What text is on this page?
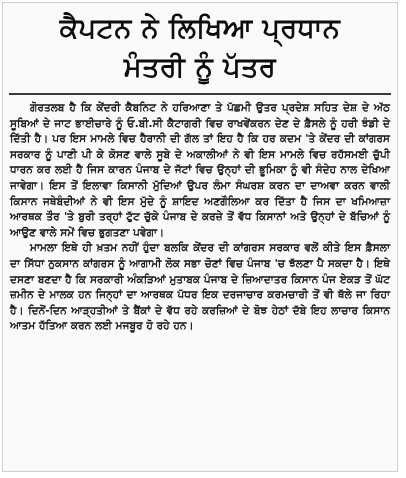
ਕੈਪਟਨ ਨੇ ਲਿਖਿਆ ਪ੍ਰਧਾਨ
ਮੰਤਰੀ ਨੂੰ ਪੱਤਰ

ਗੋਰਤਲਬ ਹੈ ਕਿ ਕੇਂਦਰੀ ਕੈਬਨਿਟ ਨੇ ਹਰਿਆਣਾ ਤੇ ਪੱਛਮੀ ਉਤਰ ਪ੍ਰਦੇਸ਼ ਸਹਿਤ ਦੇਸ਼ ਦੇ ਅੱਠ ਸੂਬਿਆਂ ਦੇ ਜਾਟ ਭਾਈਚਾਰੇ ਨੂੰ ਓ.ਬੀ.ਸੀ ਕੈਟਾਗਰੀ ਵਿਚ ਰਾਖਵੇਂਕਰਨ ਦੇਣ ਦੇ ਫ਼ੈਸਲੇ ਨੂੰ ਹਰੀ ਝੰਡੀ ਦੇ ਦਿੱਤੀ ਹੈ। ਪਰ ਇਸ ਮਾਮਲੇ ਵਿਚ ਹੈਰਾਨੀ ਦੀ ਗੱਲ ਤਾਂ ਇਹ ਹੈ ਕਿ ਹਰ ਕਦਮ 'ਤੇ ਕੇਂਦਰ ਦੀ ਕਾਂਗਰਸ ਸਰਕਾਰ ਨੂੰ ਪਾਣੀ ਪੀ ਕੇ ਕੋਸਣ ਵਾਲੇ ਸੂਬੇ ਦੇ ਅਕਾਲੀਆਂ ਨੇ ਵੀ ਇਸ ਮਾਮਲੇ ਵਿਚ ਰਹੱਸਮਈ ਚੁੱਪੀ ਧਾਰਨ ਕਰ ਲਈ ਹੈ ਜਿਸ ਕਾਰਨ ਪੰਜਾਬ ਦੇ ਜੱਟਾਂ ਵਿਚ ਉਨ੍ਹਾਂ ਦੀ ਭੂਮਿਕਾ ਨੂੰ ਵੀ ਸੰਦੇਹ ਨਾਲ ਦੇਖਿਆ ਜਾਵੇਗਾ। ਇਸ ਤੋਂ ਇਲਾਵਾ ਕਿਸਾਨੀ ਮੁੱਦਿਆਂ ਉਪਰ ਲੰਮਾ ਸੰਘਰਸ਼ ਕਰਨ ਦਾ ਦਾਅਵਾ ਕਰਨ ਵਾਲੀ ਕਿਸਾਨ ਜਥੇਬੰਦੀਆਂ ਨੇ ਵੀ ਇਸ ਮੁੱਦੇ ਨੂੰ ਸ਼ਾਇਦ ਅਣਗੌਲਿਆ ਕਰ ਦਿੱਤਾ ਹੈ ਜਿਸ ਦਾ ਖਮਿਆਜ਼ਾ ਆਰਥਕ ਤੌਰ 'ਤੇ ਬੁਰੀ ਤਰ੍ਹਾਂ ਟੁੱਟ ਚੁੱਕੇ ਪੰਜਾਬ ਦੇ ਕਰਜ਼ੇ ਤੋਂ ਵੱਧ ਕਿਸਾਨਾਂ ਅਤੇ ਉਨ੍ਹਾਂ ਦੇ ਬੱਚਿਆਂ ਨੂੰ ਆਉਣ ਵਾਲੇ ਸਮੇਂ ਵਿਚ ਭੁਗਤਣਾ ਪਵੇਗਾ।

ਮਾਮਲਾ ਇਥੇ ਹੀ ਖ਼ਤਮ ਨਹੀਂ ਹੁੰਦਾ ਬਲਕਿ ਕੇਂਦਰ ਦੀ ਕਾਂਗਰਸ ਸਰਕਾਰ ਵਲੋਂ ਕੀਤੇ ਇਸ ਫ਼ੈਸਲਾ ਦਾ ਸਿੱਧਾ ਨੁਕਸਾਨ ਕਾਂਗਰਸ ਨੂੰ ਆਗਾਮੀ ਲੋਕ ਸਭਾ ਚੋਣਾਂ ਵਿਚ ਪੰਜਾਬ 'ਚ ਝੱਲਣਾ ਪੈ ਸਕਦਾ ਹੈ। ਇਥੇ ਦਸਣਾ ਬਣਦਾ ਹੈ ਕਿ ਸਰਕਾਰੀ ਅੰਕੜਿਆਂ ਮੁਤਾਬਕ ਪੰਜਾਬ ਦੇ ਜ਼ਿਆਦਾਤਰ ਕਿਸਾਨ ਪੰਜ ਏਕੜ ਤੋਂ ਘੱਟ ਜ਼ਮੀਨ ਦੇ ਮਾਲਕ ਹਨ ਜਿਨ੍ਹਾਂ ਦਾ ਆਰਥਕ ਪੱਧਰ ਇਕ ਦਰਜਾਚਾਰ ਕਰਮਚਾਰੀ ਤੋਂ ਵੀ ਥੱਲੇ ਜਾ ਰਿਹਾ ਹੈ। ਦਿਨੋਂ-ਦਿਨ ਆੜ੍ਹਤੀਆਂ ਤੇ ਬੈਂਕਾਂ ਦੇ ਵੱਧ ਰਹੇ ਕਰਜ਼ਿਆਂ ਦੇ ਬੋਝ ਹੇਠਾਂ ਦੱਬੇ ਇਹ ਲਾਚਾਰ ਕਿਸਾਨ ਆਤਮ ਹੱਤਿਆ ਕਰਨ ਲਈ ਮਜਬੂਰ ਹੋ ਰਹੇ ਹਨ।
